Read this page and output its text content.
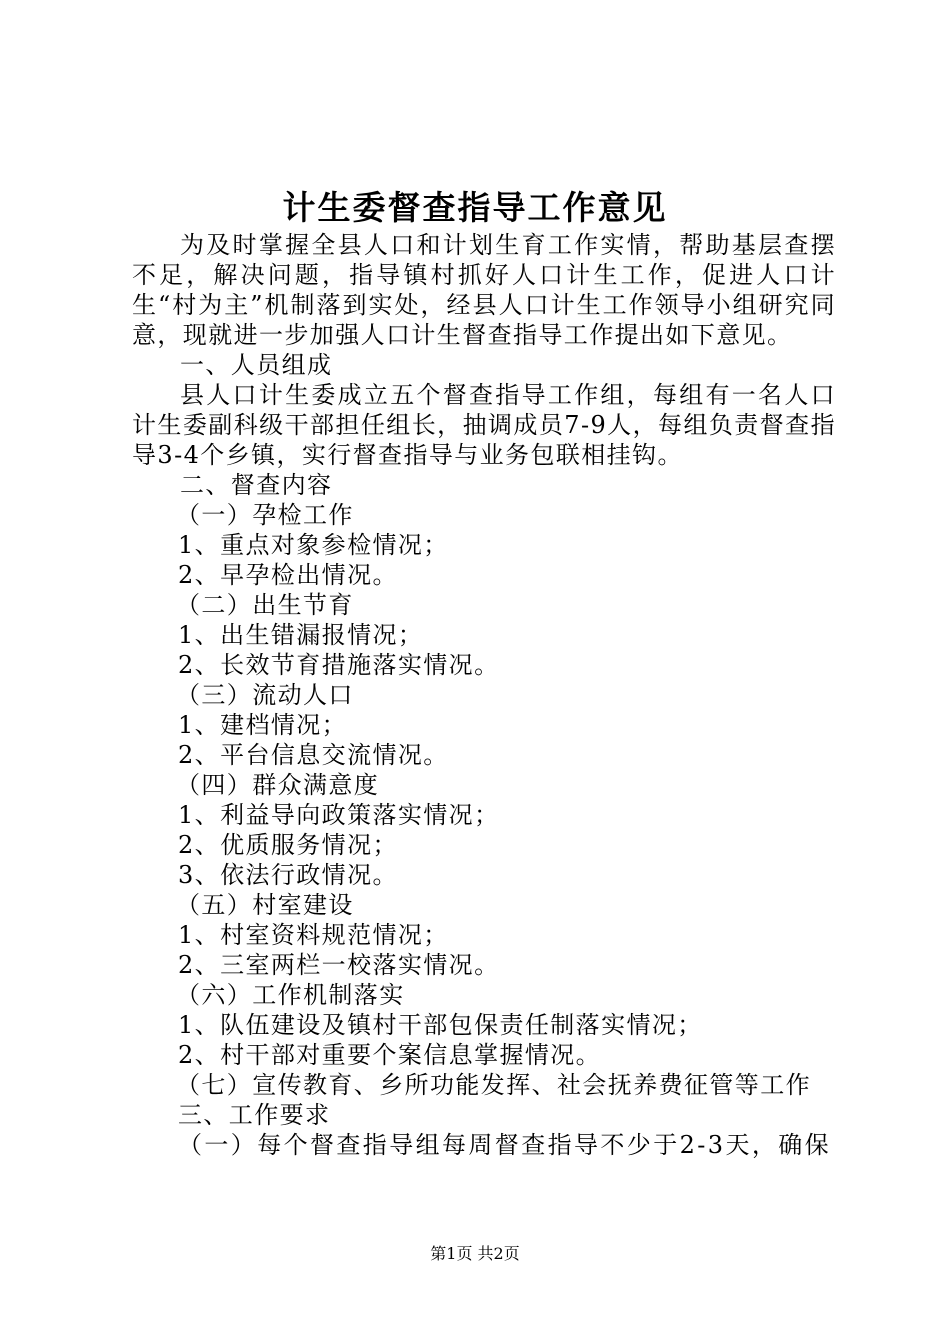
计生委督查指导工作意见

为及时掌握全县人口和计划生育工作实情，帮助基层查摆不足，解决问题，指导镇村抓好人口计生工作，促进人口计生“村为主”机制落到实处，经县人口计生工作领导小组研究同意，现就进一步加强人口计生督查指导工作提出如下意见。

一、人员组成

县人口计生委成立五个督查指导工作组，每组有一名人口计生委副科级干部担任组长，抽调成员7-9人，每组负责督查指导3-4个乡镇，实行督查指导与业务包联相挂钩。

二、督查内容

（一）孕检工作

1、重点对象参检情况；

2、早孕检出情况。

（二）出生节育

1、出生错漏报情况；

2、长效节育措施落实情况。

（三）流动人口

1、建档情况；

2、平台信息交流情况。

（四）群众满意度

1、利益导向政策落实情况；

2、优质服务情况；

3、依法行政情况。

（五）村室建设

1、村室资料规范情况；

2、三室两栏一校落实情况。

（六）工作机制落实

1、队伍建设及镇村干部包保责任制落实情况；

2、村干部对重要个案信息掌握情况。

（七）宣传教育、乡所功能发挥、社会抚养费征管等工作

三、工作要求

（一）每个督查指导组每周督查指导不少于2-3天，确保

第1页 共2页
